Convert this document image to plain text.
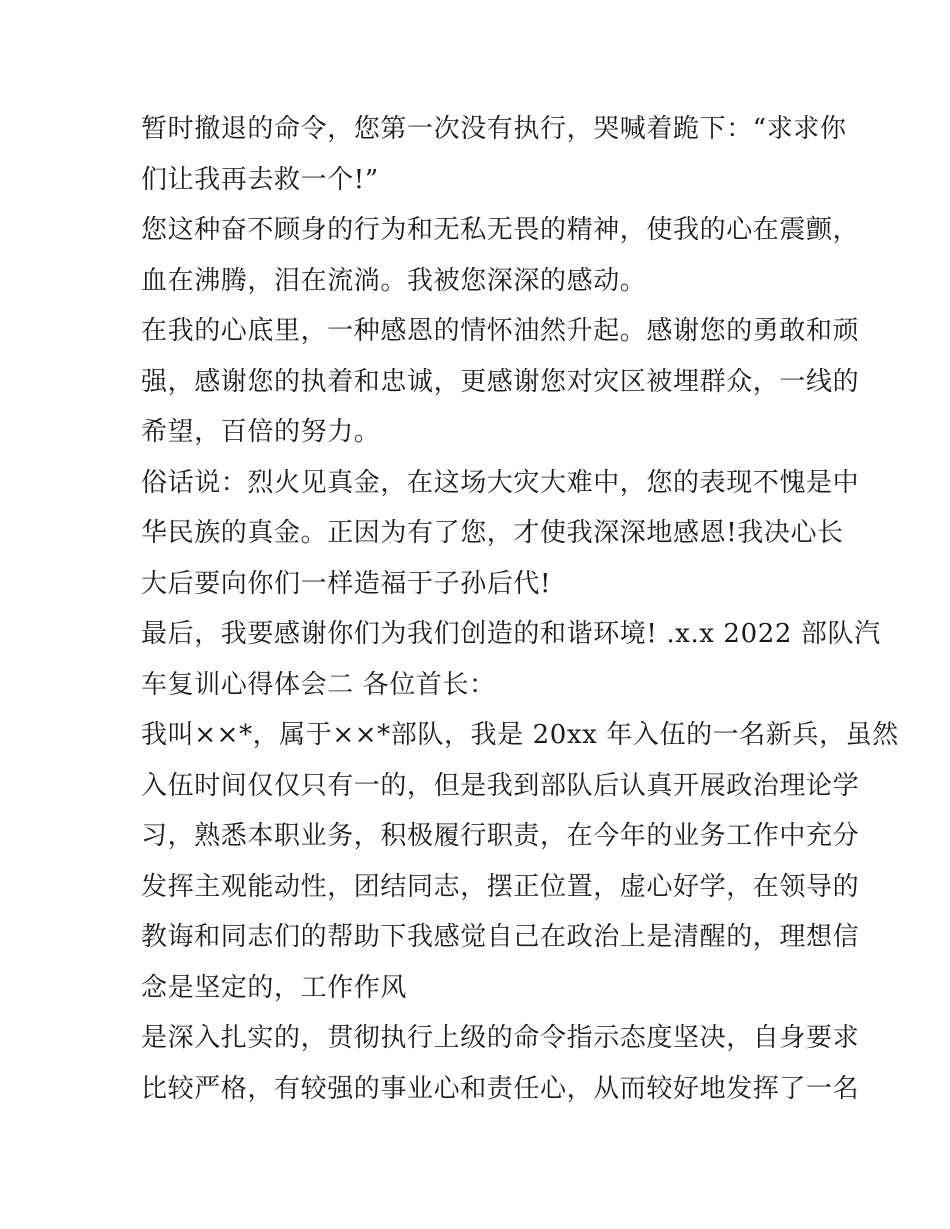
暂时撤退的命令，您第一次没有执行，哭喊着跪下：“求求你
们让我再去救一个!”

您这种奋不顾身的行为和无私无畏的精神，使我的心在震颤，
血在沸腾，泪在流淌。我被您深深的感动。

在我的心底里，一种感恩的情怀油然升起。感谢您的勇敢和顽
强，感谢您的执着和忠诚，更感谢您对灾区被埋群众，一线的
希望，百倍的努力。

俗话说：烈火见真金，在这场大灾大难中，您的表现不愧是中
华民族的真金。正因为有了您，才使我深深地感恩!我决心长
大后要向你们一样造福于子孙后代!

最后，我要感谢你们为我们创造的和谐环境! .x.x 2022 部队汽
车复训心得体会二 各位首长：

我叫××*，属于××*部队，我是 20xx 年入伍的一名新兵，虽然
入伍时间仅仅只有一的，但是我到部队后认真开展政治理论学
习，熟悉本职业务，积极履行职责，在今年的业务工作中充分
发挥主观能动性，团结同志，摆正位置，虚心好学，在领导的
教诲和同志们的帮助下我感觉自己在政治上是清醒的，理想信
念是坚定的，工作作风

是深入扎实的，贯彻执行上级的命令指示态度坚决，自身要求
比较严格，有较强的事业心和责任心，从而较好地发挥了一名
